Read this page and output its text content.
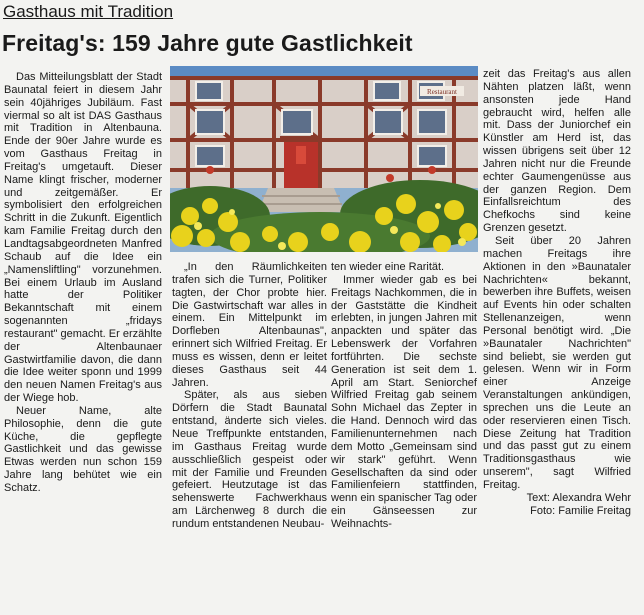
Gasthaus mit Tradition
Freitag's: 159 Jahre gute Gastlichkeit

Das Mitteilungsblatt der Stadt Baunatal feiert in diesem Jahr sein 40jähriges Jubiläum. Fast viermal so alt ist DAS Gasthaus mit Tradition in Altenbauna. Ende der 90er Jahre wurde es vom Gasthaus Freitag in Freitag's umgetauft. Dieser Name klingt frischer, moderner und zeitgemäßer. Er symbolisiert den erfolgreichen Schritt in die Zukunft. Eigentlich kam Familie Freitag durch den Landtagsabgeordneten Manfred Schaub auf die Idee ein „Namensliftling" vorzunehmen. Bei einem Urlaub im Ausland hatte der Politiker Bekanntschaft mit einem sogenannten „fridays restaurant" gemacht. Er erzählte der Altenbaunaer Gastwirtfamilie davon, die dann die Idee weiter sponn und 1999 den neuen Namen Freitag's aus der Wiege hob.

Neuer Name, alte Philosophie, denn die gute Küche, die gepflegte Gastlichkeit und das gewisse Etwas werden nun schon 159 Jahre lang behütet wie ein Schatz.

Restaurant

„In den Räumlichkeiten trafen sich die Turner, Politiker tagten, der Chor probte hier. Die Gastwirtschaft war alles in einem. Ein Mittelpunkt im Dorfleben Altenbaunas", erinnert sich Wilfried Freitag. Er muss es wissen, denn er leitet dieses Gasthaus seit 44 Jahren.

Später, als aus sieben Dörfern die Stadt Baunatal entstand, änderte sich vieles. Neue Treffpunkte entstanden, im Gasthaus Freitag wurde ausschließlich gespeist oder mit der Familie und Freunden gefeiert. Heutzutage ist das sehenswerte Fachwerkhaus am Lärchenweg 8 durch die rundum entstandenen Neubau-

ten wieder eine Rarität.

Immer wieder gab es bei Freitags Nachkommen, die in der Gaststätte die Kindheit erlebten, in jungen Jahren mit anpackten und später das Lebenswerk der Vorfahren fortführten. Die sechste Generation ist seit dem 1. April am Start. Seniorchef Wilfried Freitag gab seinem Sohn Michael das Zepter in die Hand. Dennoch wird das Familienunternehmen nach dem Motto „Gemeinsam sind wir stark" geführt. Wenn Gesellschaften da sind oder Familienfeiern stattfinden, wenn ein spanischer Tag oder ein Gänseessen zur Weihnachts-

zeit das Freitag's aus allen Nähten platzen läßt, wenn ansonsten jede Hand gebraucht wird, helfen alle mit. Dass der Juniorchef ein Künstler am Herd ist, das wissen übrigens seit über 12 Jahren nicht nur die Freunde echter Gaumengenüsse aus der ganzen Region. Dem Einfallsreichtum des Chefkochs sind keine Grenzen gesetzt.

Seit über 20 Jahren machen Freitags ihre Aktionen in den »Baunataler Nachrichten« bekannt, bewerben ihre Buffets, weisen auf Events hin oder schalten Stellenanzeigen, wenn Personal benötigt wird. „Die »Baunataler Nachrichten" sind beliebt, sie werden gut gelesen. Wenn wir in Form einer Anzeige Veranstaltungen ankündigen, sprechen uns die Leute an oder reservieren einen Tisch. Diese Zeitung hat Tradition und das passt gut zu einem Traditionsgasthaus wie unserem", sagt Wilfried Freitag.

Text: Alexandra Wehr

Foto: Familie Freitag
